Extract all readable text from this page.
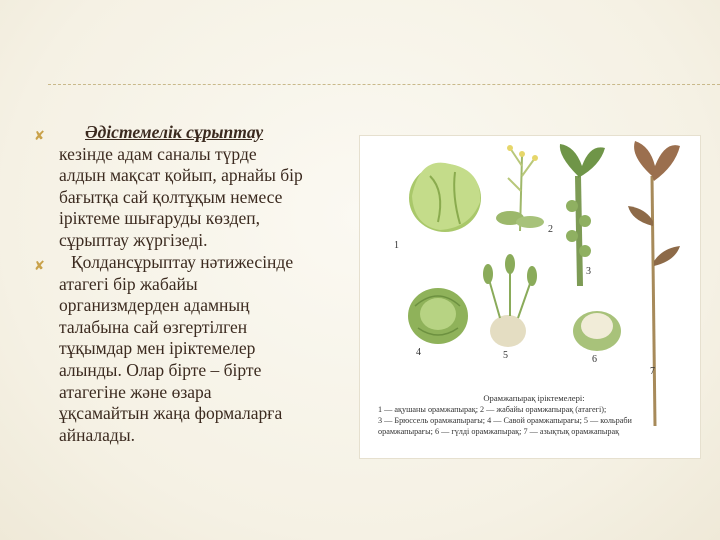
✘	Әдістемелік сұрыптау
кезінде адам саналы түрде
алдын мақсат қойып, арнайы бір
бағытқа сай қолтұқым немесе
іріктеме шығаруды көздеп,
сұрыптау жүргізеді.
✘	Қолдансұрыптау нәтижесінде
атагегі бір жабайы
организмдерден адамның
талабына сай өзгертілген
тұқымдар мен іріктемелер
алынды. Олар бірте – бірте
атагегіне және өзара
ұқсамайтын жаңа формаларға
айналады.
1
2
3
4	5	6
7
Орамжапырақ іріктемелері:
1 — ақушаны орамжапырақ; 2 — жабайы орамжапырақ (атагегі);
3 — Брюссель орамжапырағы; 4 — Савой орамжапырағы; 5 — кольраби
орамжапырағы; 6 — гүлді орамжапырақ; 7 — азықтық орамжапырақ
